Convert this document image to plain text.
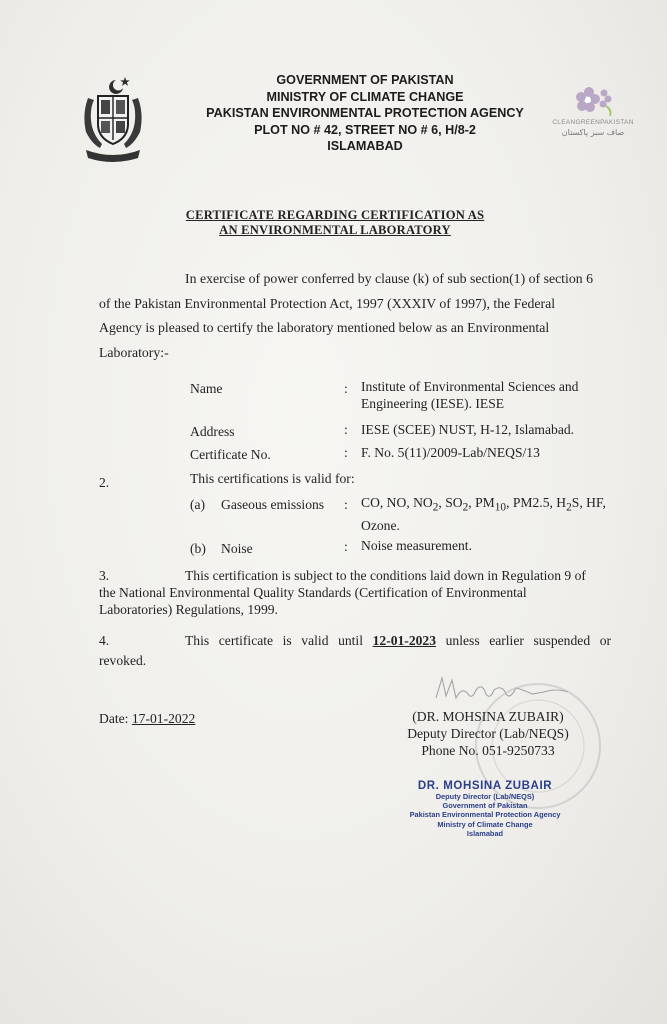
GOVERNMENT OF PAKISTAN
MINISTRY OF CLIMATE CHANGE
PAKISTAN ENVIRONMENTAL PROTECTION AGENCY
PLOT NO # 42, STREET NO # 6, H/8-2
ISLAMABAD
CLEANGREENPAKISTAN
صاف سبز پاکستان
CERTIFICATE REGARDING CERTIFICATION AS
AN ENVIRONMENTAL LABORATORY
In exercise of power conferred by clause (k) of sub section(1) of section 6
of the Pakistan Environmental Protection Act, 1997 (XXXIV of 1997), the Federal
Agency is pleased to certify the laboratory mentioned below as an Environmental
Laboratory:-
Name	: Institute of Environmental Sciences and Engineering (IESE). IESE
Address	: IESE (SCEE) NUST, H-12, Islamabad.
Certificate No.	: F. No. 5(11)/2009-Lab/NEQS/13
2.	This certifications is valid for:
(a) Gaseous emissions : CO, NO, $NO_2$, $SO_2$, $PM_{10}$, PM2.5, $H_2S$, HF,
Ozone.
(b) Noise	: Noise measurement.
3.	This certification is subject to the conditions laid down in Regulation 9 of
the National Environmental Quality Standards (Certification of Environmental
Laboratories) Regulations, 1999.
4.	This certificate is valid until 12-01-2023 unless earlier suspended or
revoked.
Date: 17-01-2022	(DR. MOHSINA ZUBAIR)
Deputy Director (Lab/NEQS)
Phone No. 051-9250733
DR. MOHSINA ZUBAIR
Deputy Director (Lab/NEQS)
Government of Pakistan
Pakistan Environmental Protection Agency
Ministry of Climate Change
Islamabad
